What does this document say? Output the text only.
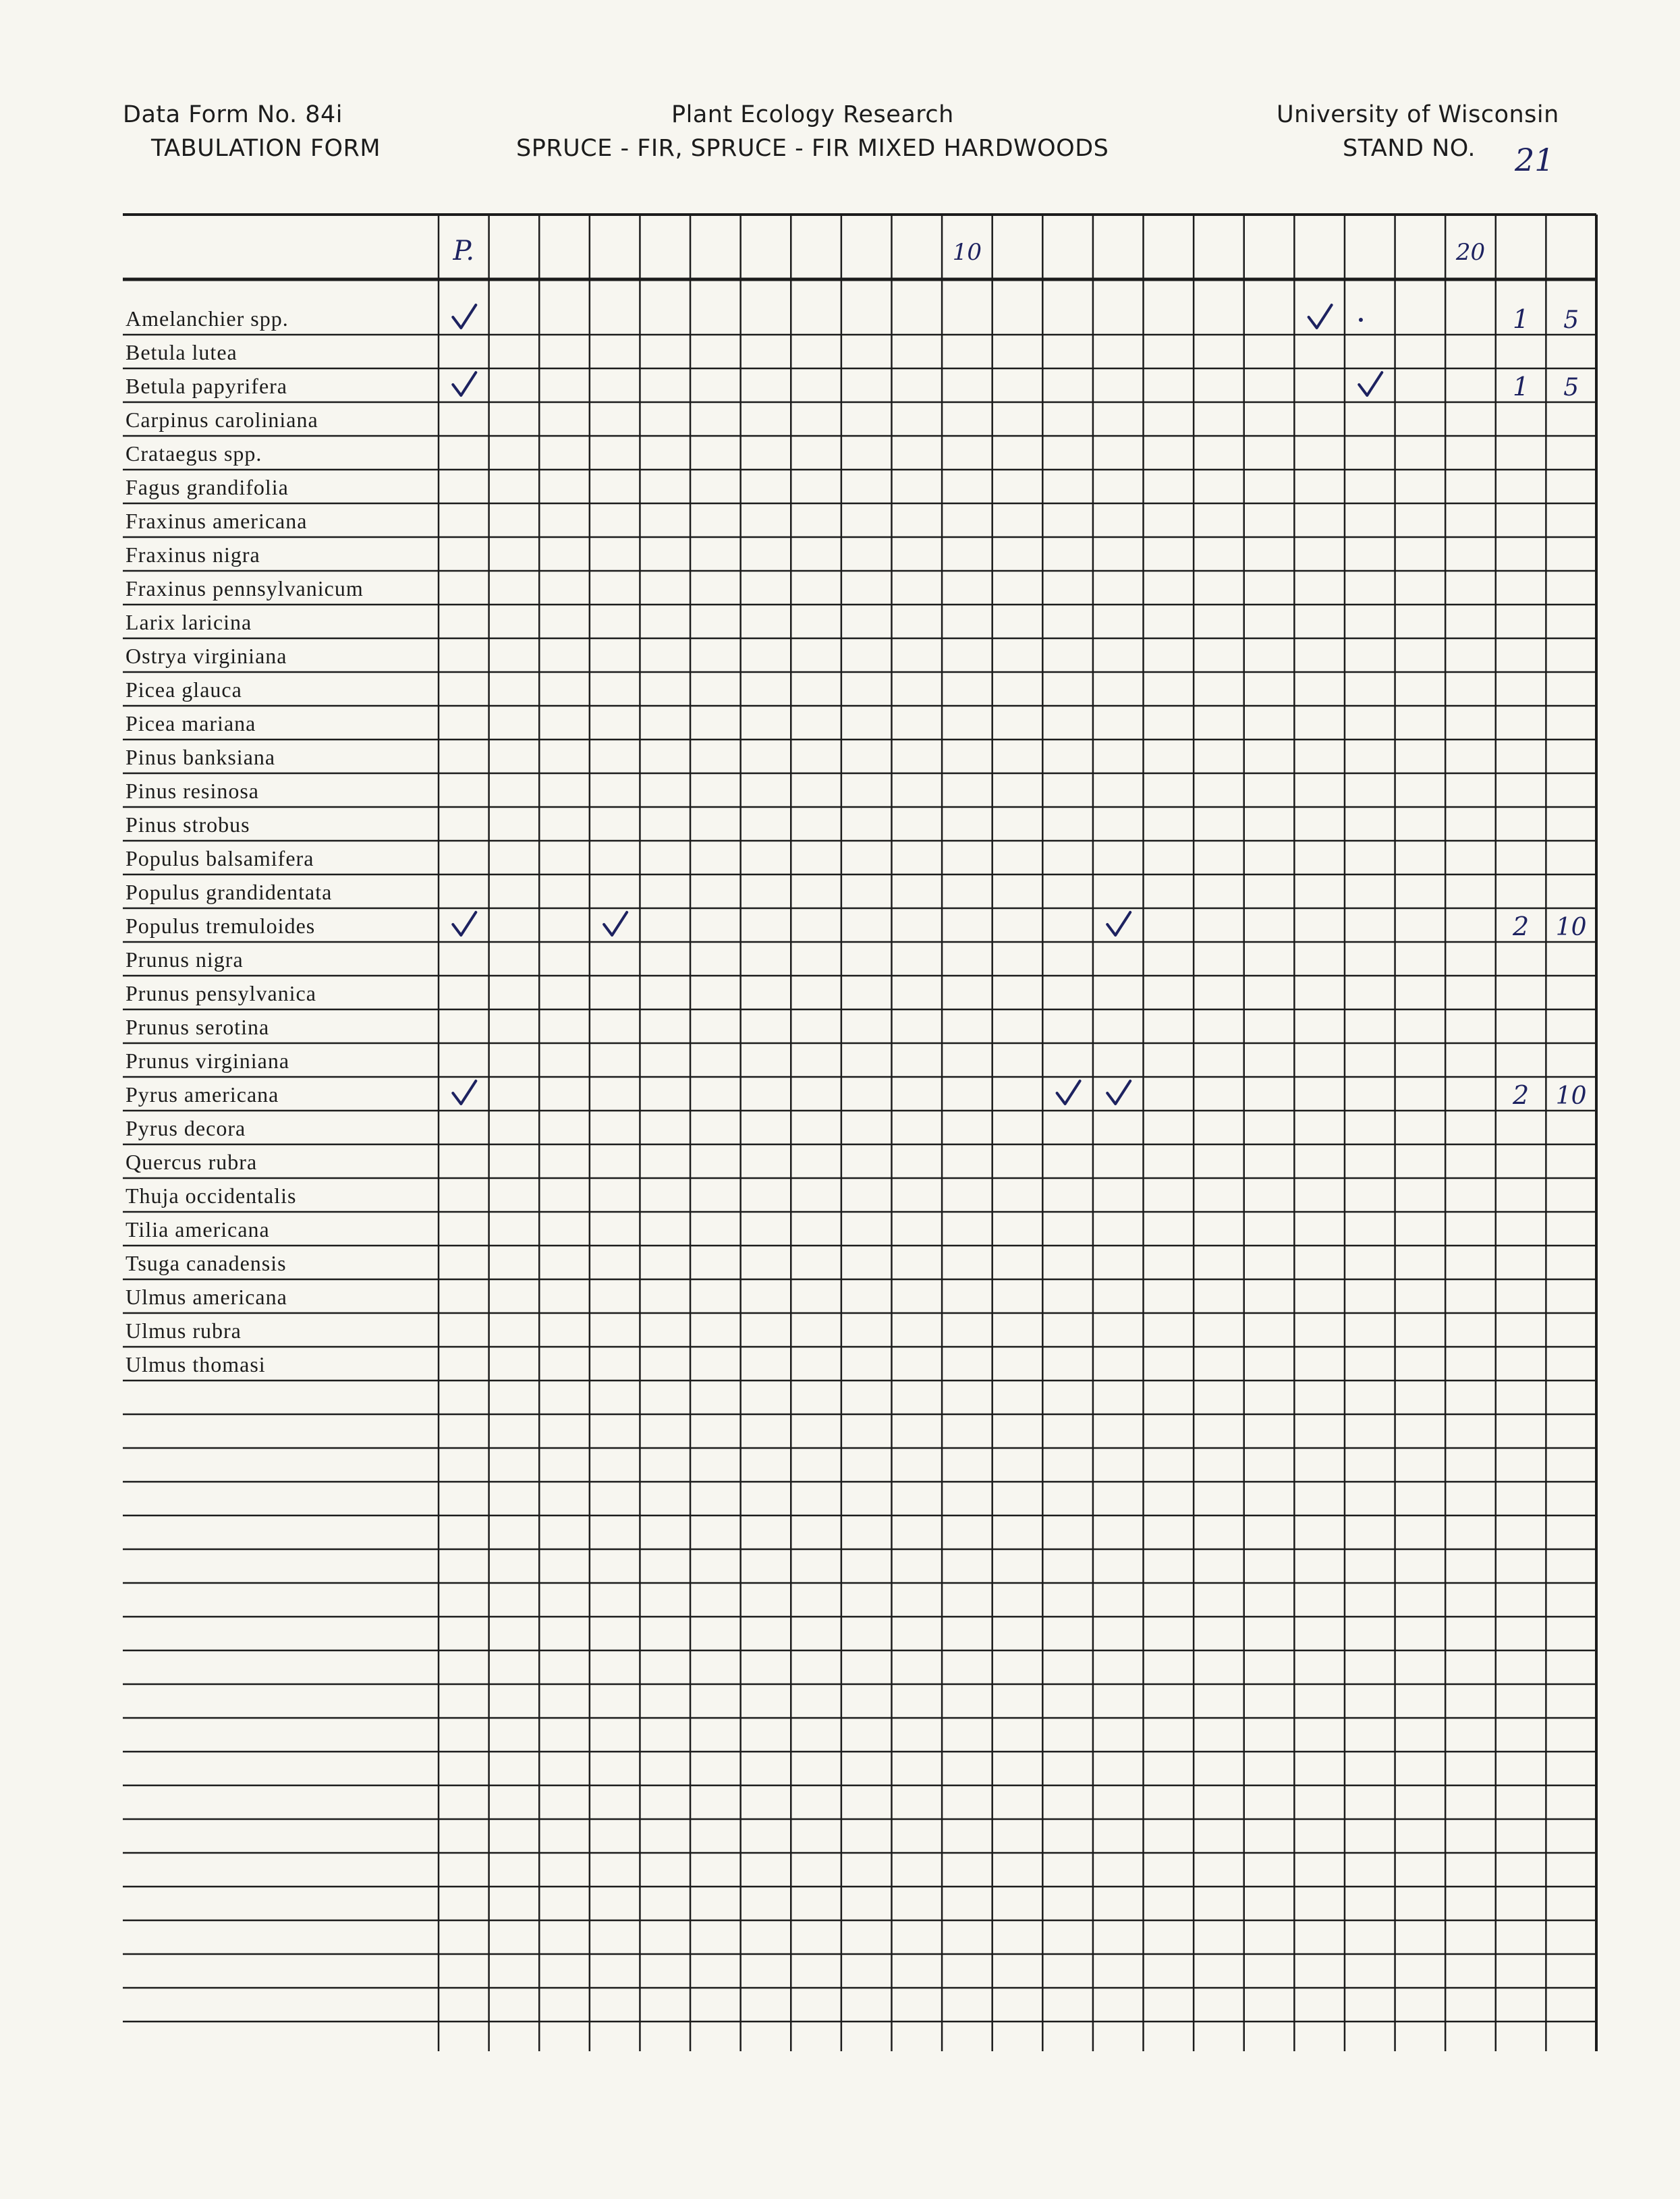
Data Form No. 84i
TABULATION FORM
Plant Ecology Research
SPRUCE - FIR, SPRUCE - FIR MIXED HARDWOODS
University of Wisconsin
STAND NO. 21
P.	10	20
1 5
1 5
2 10
2 10
Amelanchier spp.
Betula lutea
Betula papyrifera
Carpinus caroliniana
Crataegus spp.
Fagus grandifolia
Fraxinus americana
Fraxinus nigra
Fraxinus pennsylvanicum
Larix laricina
Ostrya virginiana
Picea glauca
Picea mariana
Pinus banksiana
Pinus resinosa
Pinus strobus
Populus balsamifera
Populus grandidentata
Populus tremuloides
Prunus nigra
Prunus pensylvanica
Prunus serotina
Prunus virginiana
Pyrus americana
Pyrus decora
Quercus rubra
Thuja occidentalis
Tilia americana
Tsuga canadensis
Ulmus americana
Ulmus rubra
Ulmus thomasi
